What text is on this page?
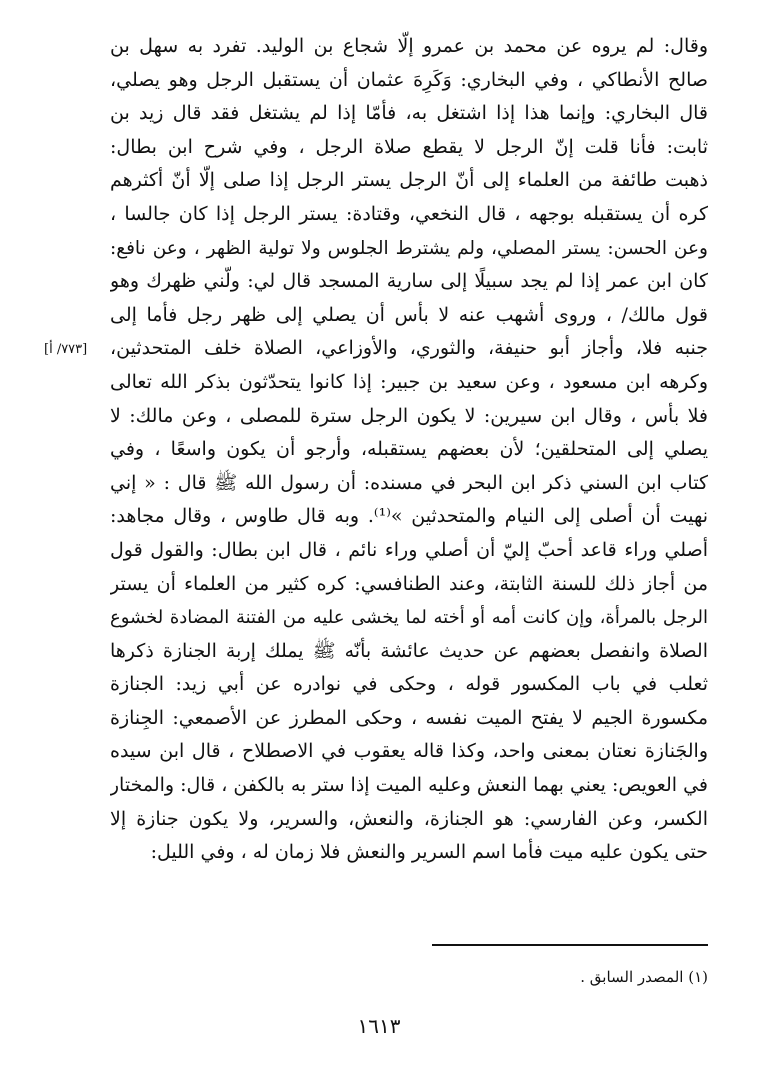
وقال: لم يروه عن محمد بن عمرو إلّا شجاع بن الوليد. تفرد به سهل بن
صالح الأنطاكي ، وفي البخاري: وَكَرِهَ عثمان أن يستقبل الرجل وهو يصلي،
قال البخاري: وإنما هذا إذا اشتغل به، فأمّا إذا لم يشتغل فقد قال زيد بن
ثابت: فأنا قلت إنّ الرجل لا يقطع صلاة الرجل ، وفي شرح ابن بطال:
ذهبت طائفة من العلماء إلى أنّ الرجل يستر الرجل إذا صلى إلّا أنّ أكثرهم
كره أن يستقبله بوجهه ، قال النخعي، وقتادة: يستر الرجل إذا كان جالسا ،
وعن الحسن: يستر المصلي، ولم يشترط الجلوس ولا تولية الظهر ، وعن نافع:
كان ابن عمر إذا لم يجد سبيلًا إلى سارية المسجد قال لي: ولّني ظهرك وهو
قول مالك/ ، وروى أشهب عنه لا بأس أن يصلي إلى ظهر رجل فأما إلى
جنبه فلا، وأجاز أبو حنيفة، والثوري، والأوزاعي، الصلاة خلف المتحدثين،
وكرهه ابن مسعود ، وعن سعيد بن جبير: إذا كانوا يتحدّثون بذكر الله تعالى
فلا بأس ، وقال ابن سيرين: لا يكون الرجل سترة للمصلى ، وعن مالك: لا
يصلي إلى المتحلقين؛ لأن بعضهم يستقبله، وأرجو أن يكون واسعًا ، وفي
كتاب ابن السني ذكر ابن البحر في مسنده: أن رسول الله ﷺ قال : « إني
نهيت أن أصلى إلى النيام والمتحدثين »⁽¹⁾. وبه قال طاوس ، وقال مجاهد:
أصلي وراء قاعد أحبّ إليّ أن أصلي وراء نائم ، قال ابن بطال: والقول قول
من أجاز ذلك للسنة الثابتة، وعند الطنافسي: كره كثير من العلماء أن يستر
الرجل بالمرأة، وإن كانت أمه أو أخته لما يخشى عليه من الفتنة المضادة لخشوع
الصلاة وانفصل بعضهم عن حديث عائشة بأنّه ﷺ يملك إربة الجنازة ذكرها
ثعلب في باب المكسور قوله ، وحكى في نوادره عن أبي زيد: الجنازة
مكسورة الجيم لا يفتح الميت نفسه ، وحكى المطرز عن الأصمعي: الجِنازة
والجَنازة نعتان بمعنى واحد، وكذا قاله يعقوب في الاصطلاح ، قال ابن سيده
في العويص: يعني بهما النعش وعليه الميت إذا ستر به بالكفن ، قال: والمختار
الكسر، وعن الفارسي: هو الجنازة، والنعش، والسرير، ولا يكون جنازة إلا
حتى يكون عليه ميت فأما اسم السرير والنعش فلا زمان له ، وفي الليل:
[٧٧٣/ أ]
(١) المصدر السابق .
١٦١٣
